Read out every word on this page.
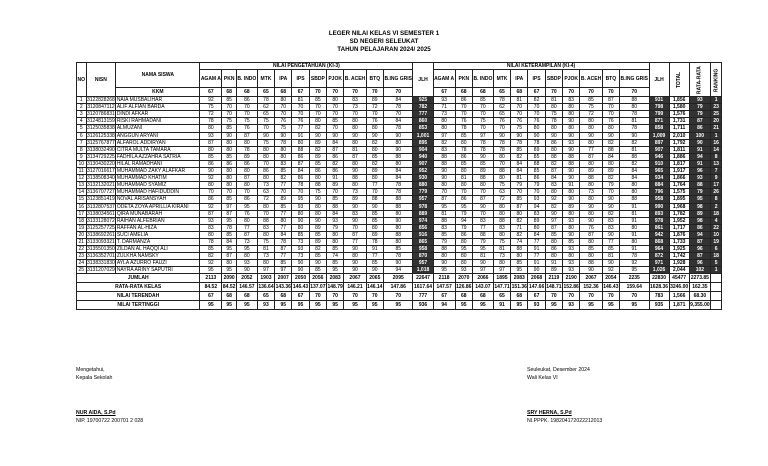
LEGER NILAI KELAS VI SEMESTER 1
SD NEGERI SELEUKAT
TAHUN PELAJARAN 2024/ 2025
NO	NISN	NAMA SISWA	NILAI PENGETAHUAN (KI-3)											JLH	NILAI KETERAMPILAN (KI-4)											JLH	TOTAL	RATA-RATA	RANKING
			AGAM A	PKN	B. INDO	MTK	IPA	IPS	SBDP	PJOK	B. ACEH	BTQ	B.ING GRIS		AGAM A	PKN	B. INDO	MTK	IPA	IPS	SBDP	PJOK	B. ACEH	BTQ	B.ING GRIS				
		KKM	67	68	68	65	68	67	70	70	70	70	70		67	68	68	65	68	67	70	70	70	70	70				
1	3122828268	NAIA MUSBALIHAR	92	85	86	78	80	81	85	80	83	89	84	925	93	86	85	78	81	82	81	83	85	87	88	931	1,856	93	1
2	3120847112	ALIF ALFIAN BARDA	75	70	70	62	70	70	70	70	73	72	78	782	71	70	70	62	70	70	80	80	75	70	80	798	1,580	79	23
3	3120786831	DINDI AFKAR	72	70	70	65	70	70	70	70	70	70	70	777	73	70	70	65	70	70	75	80	72	70	78	799	1,576	79	25
4	3124813159	RISKI RAHMADANI	78	75	75	75	76	76	80	85	80	76	84	860	80	76	75	76	76	76	78	90	80	76	81	871	1,731	87	20
5	3125035838	ALMUZANI	80	85	76	70	75	77	82	70	80	80	78	853	80	78	70	70	75	80	80	80	80	80	78	858	1,711	86	21
6	3126125338	ANGGUN ARYANI	93	90	87	90	90	91	90	90	90	90	90	1,001	97	85	97	90	90	90	90	90	90	90	90	1,009	2,010	100	1
7	3125767877	ALFAROL ADDIRYAN	87	80	80	75	78	80	89	84	80	82	80	895	82	80	78	78	78	78	86	93	80	82	82	897	1,792	90	16
8	3138032490	CITRA MULTA TAMARA	80	80	78	80	80	88	82	87	81	80	90	904	83	78	78	78	85	89	80	90	77	88	81	907	1,811	91	14
9	3134729225	FADHILA AZZAHRA SATRIA	85	85	89	80	80	86	89	86	87	85	88	940	88	86	90	80	82	85	88	88	87	84	88	946	1,886	94	8
10	3130430220	HILAL RAMADHANI	86	86	86	70	83	87	85	82	80	82	80	907	88	85	85	70	84	88	82	88	80	80	82	910	1,817	91	13
11	3127016617	MUHAMMAD ZAKY ALAFKAR	90	80	80	86	85	84	86	86	90	89	84	952	90	80	89	88	84	85	87	90	89	89	84	965	1,917	96	7
12	3138508340	MUHAMMAD KHATIM	92	80	87	80	82	86	80	91	88	80	84	930	90	81	88	80	81	86	84	90	88	82	84	934	1,866	93	9
13	3132132021	MUHAMMAD SYAMIZ	80	80	80	73	77	78	88	89	80	77	78	880	80	80	80	75	79	79	83	91	80	79	80	884	1,764	88	17
14	3136707727	MUHAMMAD HAFIDUDDIN	70	70	70	63	70	70	75	70	73	70	78	779	70	70	70	63	70	70	80	80	73	70	80	796	1,575	79	26
15	3123851419	NOVAL ARISANSYAH	86	85	86	72	89	95	90	85	89	88	88	957	87	86	87	72	85	93	92	90	80	90	88	958	1,895	95	8
16	3132807537	ODETA ZOYA APRILLIA KIRANI	92	97	95	80	85	93	80	88	90	90	88	978	95	95	90	80	87	94	82	89	90	90	91	990	1,968	98	2
17	3138034561	QIRA MUNABARAH	87	87	76	70	77	80	80	84	83	85	80	889	81	79	70	80	80	83	90	80	80	82	81	893	1,782	89	18
18	3133128072	RAIHAN ALFEBRIAN	93	95	80	88	80	90	90	93	90	85	90	974	88	94	83	88	82	89	97	93	90	83	91	978	1,952	98	4
19	3125257725	RAFFAN AL-HIZA	83	78	77	83	77	80	89	79	70	80	80	856	83	79	77	83	71	80	87	80	76	83	80	861	1,717	86	22
20	3138692261	SUCI AMELIA	80	85	87	80	84	85	85	80	87	89	88	916	85	86	88	80	82	84	85	90	87	90	91	942	1,876	94	10
21	3133093321	T. DARMANZA	78	84	73	75	78	73	89	80	77	78	80	865	79	80	79	75	74	77	80	85	80	77	80	868	1,733	87	19
22	3135501350	ZILDAN AL HAQQI ALI	85	95	95	81	87	93	82	85	90	91	85	958	88	95	95	81	88	91	86	93	85	85	91	964	1,925	96	6
23	3136352701	ZULKHA NAMSKY	82	87	80	73	77	73	85	74	80	77	78	870	80	80	81	73	80	77	80	80	80	81	78	872	1,742	87	18
24	3138331830	AYLA AZURRO FAUZI	92	80	93	80	85	90	90	85	90	85	90	957	90	80	90	80	85	91	91	93	88	90	92	971	1,928	96	5
25	3131207029	NAYRA ARINY SAPUTRI	95	95	90	97	97	90	85	95	90	90	94	1,018	95	93	97	97	95	90	89	93	90	92	95	1,026	2,044	102	1
JUMLAH			2113	2090	2052	1903	2007	2050	2056	2083	2067	2065	2095	22647	2118	2070	2066	1895	2083	2068	2119	2190	2067	2054	2235	22830	45477	2273.85	
RATA-RATA KELAS			84.52	84.52	146.57	136.64	143.36	146.43	137.07	148.79	146.21	146.14	147.86	1617.64	147.57	126.86	143.07	147.71	151.36	147.66	148.71	152.86	152.36	146.43	159.64	1628.36	3246.00	162.35	
NILAI TERENDAH			67	68	68	65	68	67	70	70	70	70	70	777	67	68	68	65	68	67	70	70	70	70	70	783	1,566	68.30	
NILAI TERTINGGI			95	95	95	93	95	95	95	95	95	95	95	936	94	95	95	91	95	93	95	93	95	95	95	935	1,871	9,355.00	
Mengetahui,
Kepala Sekolah
NUR AIDA, S.Pd
NIP. 19700722 200701 2 028
Seuleukat, Desember 2024
Wali Kelas VI
SRY HERNA, S.Pd
NI.PPPK. 198204172022212013
